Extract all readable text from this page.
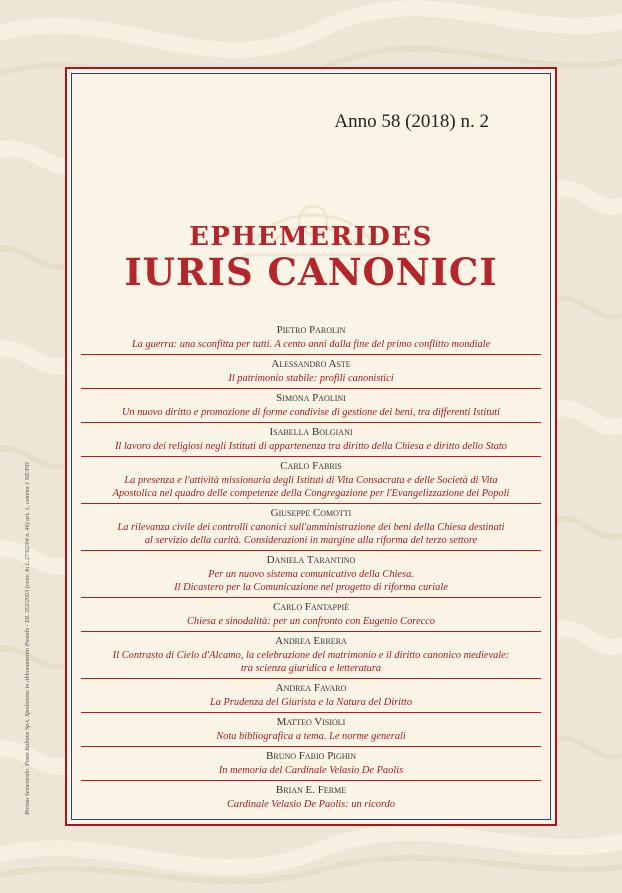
Rivista Semestrale. Poste Italiane SpA. Spedizione in Abbonamento Postale - DL 353/2003 (conv. In L.27/02/04 n. 46) art. 1, comma 1 NE/PD

Anno 58 (2018) n. 2

EPHEMERIDES
IURIS CANONICI
Pietro Parolin
La guerra: una sconfitta per tutti. A cento anni dalla fine del primo conflitto mondiale
Alessandro Aste
Il patrimonio stabile: profili canonistici
Simona Paolini
Un nuovo diritto e promozione di forme condivise di gestione dei beni, tra differenti Istituti
Isabella Bolgiani
Il lavoro dei religiosi negli Istituti di appartenenza tra diritto della Chiesa e diritto dello Stato
Carlo Fabris
La presenza e l'attività missionaria degli Istituti di Vita Consacrata e delle Società di Vita
Apostolica nel quadro delle competenze della Congregazione per l'Evangelizzazione dei Popoli
Giuseppe Comotti
La rilevanza civile dei controlli canonici sull'amministrazione dei beni della Chiesa destinati
al servizio della carità. Considerazioni in margine alla riforma del terzo settore
Daniela Tarantino
Per un nuovo sistema comunicativo della Chiesa.
Il Dicastero per la Comunicazione nel progetto di riforma curiale
Carlo Fantappiè
Chiesa e sinodalità: per un confronto con Eugenio Corecco
Andrea Errera
Il Contrasto di Cielo d'Alcamo, la celebrazione del matrimonio e il diritto canonico medievale:
tra scienza giuridica e letteratura
Andrea Favaro
La Prudenza del Giurista e la Natura del Diritto
Matteo Visioli
Nota bibliografica a tema. Le norme generali
Bruno Fabio Pighin
In memoria del Cardinale Velasio De Paolis
Brian E. Ferme
Cardinale Velasio De Paolis: un ricordo
